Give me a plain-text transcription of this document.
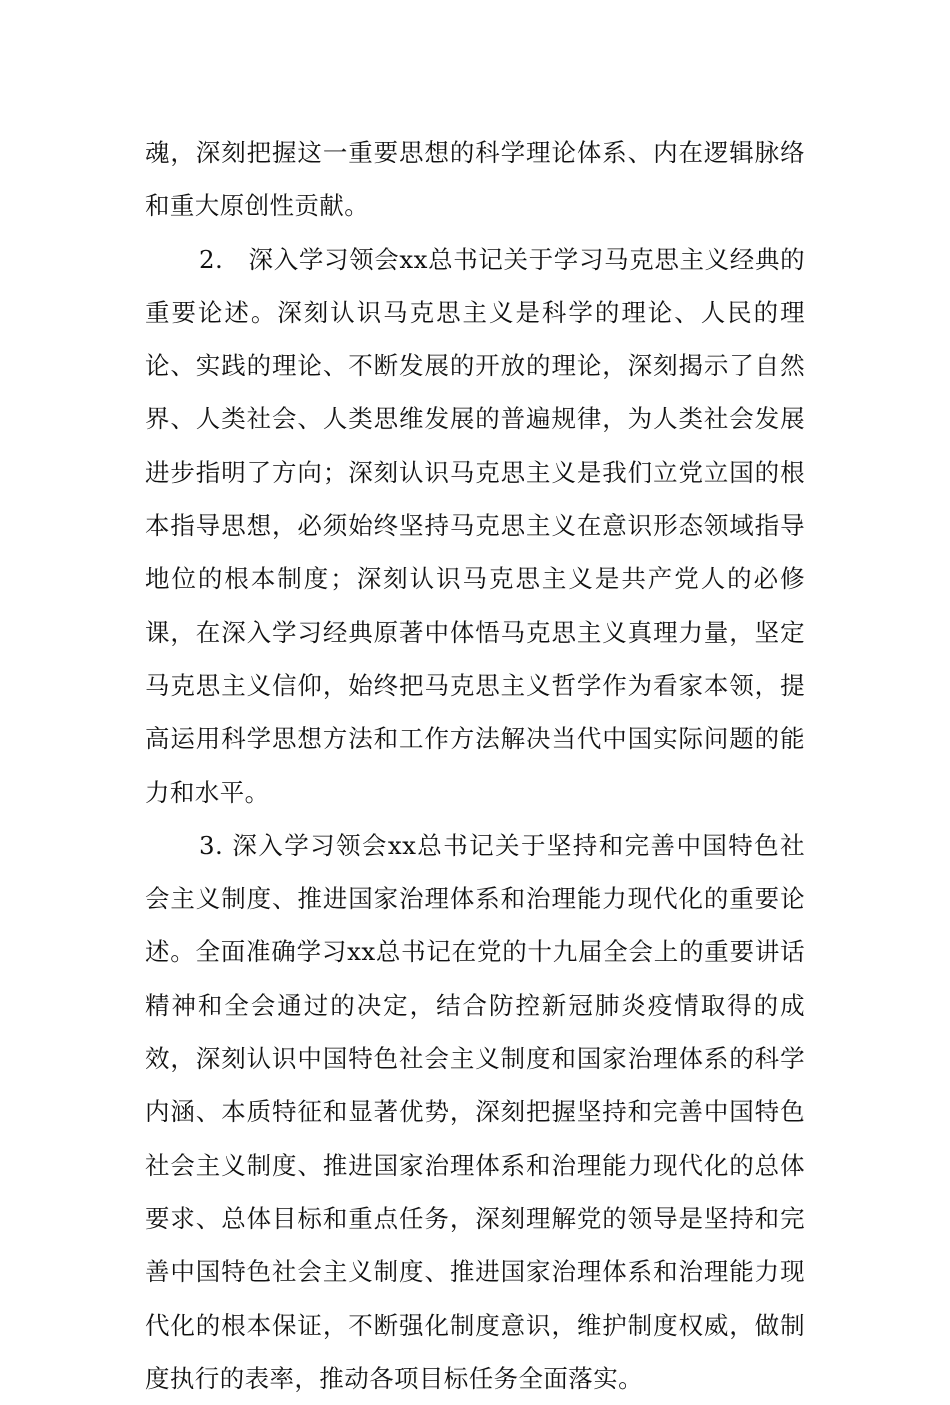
魂，深刻把握这一重要思想的科学理论体系、内在逻辑脉络和重大原创性贡献。

2.　深入学习领会xx总书记关于学习马克思主义经典的重要论述。深刻认识马克思主义是科学的理论、人民的理论、实践的理论、不断发展的开放的理论，深刻揭示了自然界、人类社会、人类思维发展的普遍规律，为人类社会发展进步指明了方向；深刻认识马克思主义是我们立党立国的根本指导思想，必须始终坚持马克思主义在意识形态领域指导地位的根本制度；深刻认识马克思主义是共产党人的必修课，在深入学习经典原著中体悟马克思主义真理力量，坚定马克思主义信仰，始终把马克思主义哲学作为看家本领，提高运用科学思想方法和工作方法解决当代中国实际问题的能力和水平。

3. 深入学习领会xx总书记关于坚持和完善中国特色社会主义制度、推进国家治理体系和治理能力现代化的重要论述。全面准确学习xx总书记在党的十九届全会上的重要讲话精神和全会通过的决定，结合防控新冠肺炎疫情取得的成效，深刻认识中国特色社会主义制度和国家治理体系的科学内涵、本质特征和显著优势，深刻把握坚持和完善中国特色社会主义制度、推进国家治理体系和治理能力现代化的总体要求、总体目标和重点任务，深刻理解党的领导是坚持和完善中国特色社会主义制度、推进国家治理体系和治理能力现代化的根本保证，不断强化制度意识，维护制度权威，做制度执行的表率，推动各项目标任务全面落实。
